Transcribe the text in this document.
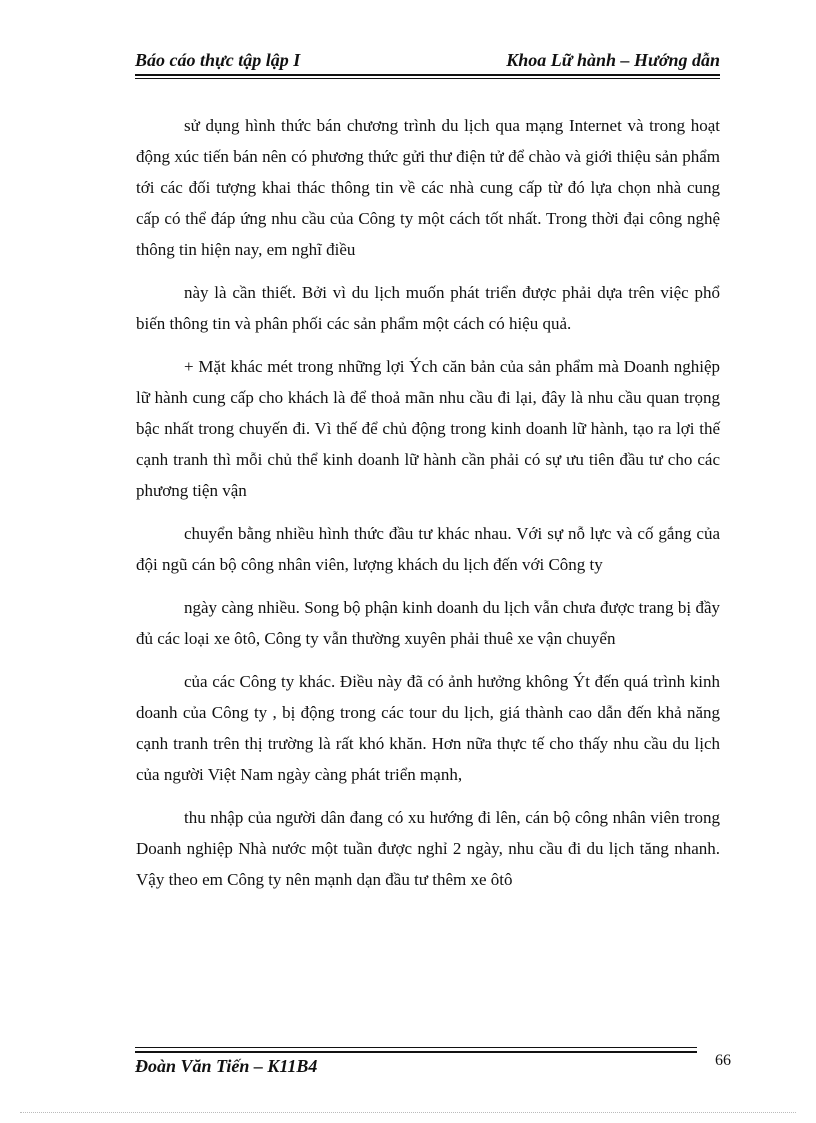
Báo cáo thực tập lập I	Khoa Lữ hành – Hướng dẫn

sử dụng hình thức bán chương trình du lịch qua mạng Internet và trong hoạt động xúc tiến bán nên có phương thức gửi thư điện tử để chào và giới thiệu sản phẩm tới các đối tượng khai thác thông tin về các nhà cung cấp từ đó lựa chọn nhà cung cấp có thể đáp ứng nhu cầu của Công ty một cách tốt nhất. Trong thời đại công nghệ thông tin hiện nay, em nghĩ điều

này là cần thiết. Bởi vì du lịch muốn phát triển được phải dựa trên việc phổ biến thông tin và phân phối các sản phẩm một cách có hiệu quả.

+ Mặt khác mét trong những lợi Ých căn bản của sản phẩm mà Doanh nghiệp lữ hành cung cấp cho khách là để thoả mãn nhu cầu đi lại, đây là nhu cầu quan trọng bậc nhất trong chuyến đi. Vì thế để chủ động trong kinh doanh lữ hành, tạo ra lợi thế cạnh tranh thì mỗi chủ thể kinh doanh lữ hành cần phải có sự ưu tiên đầu tư cho các phương tiện vận

chuyển bằng nhiều hình thức đầu tư khác nhau. Với sự nỗ lực và cố gắng của đội ngũ cán bộ công nhân viên, lượng khách du lịch đến với Công ty

ngày càng nhiều. Song bộ phận kinh doanh du lịch vẫn chưa được trang bị đầy đủ các loại xe ôtô, Công ty vẫn thường xuyên phải thuê xe vận chuyển

của các Công ty khác. Điều này đã có ảnh hưởng không Ýt đến quá trình kinh doanh của Công ty , bị động trong các tour du lịch, giá thành cao dẫn đến khả năng cạnh tranh trên thị trường là rất khó khăn. Hơn nữa thực tế cho thấy nhu cầu du lịch của người Việt Nam ngày càng phát triển mạnh,

thu nhập của người dân đang có xu hướng đi lên, cán bộ công nhân viên trong Doanh nghiệp Nhà nước một tuần được nghỉ 2 ngày, nhu cầu đi du lịch tăng nhanh. Vậy theo em Công ty nên mạnh dạn đầu tư thêm xe ôtô

Đoàn Văn Tiến – K11B4	66
